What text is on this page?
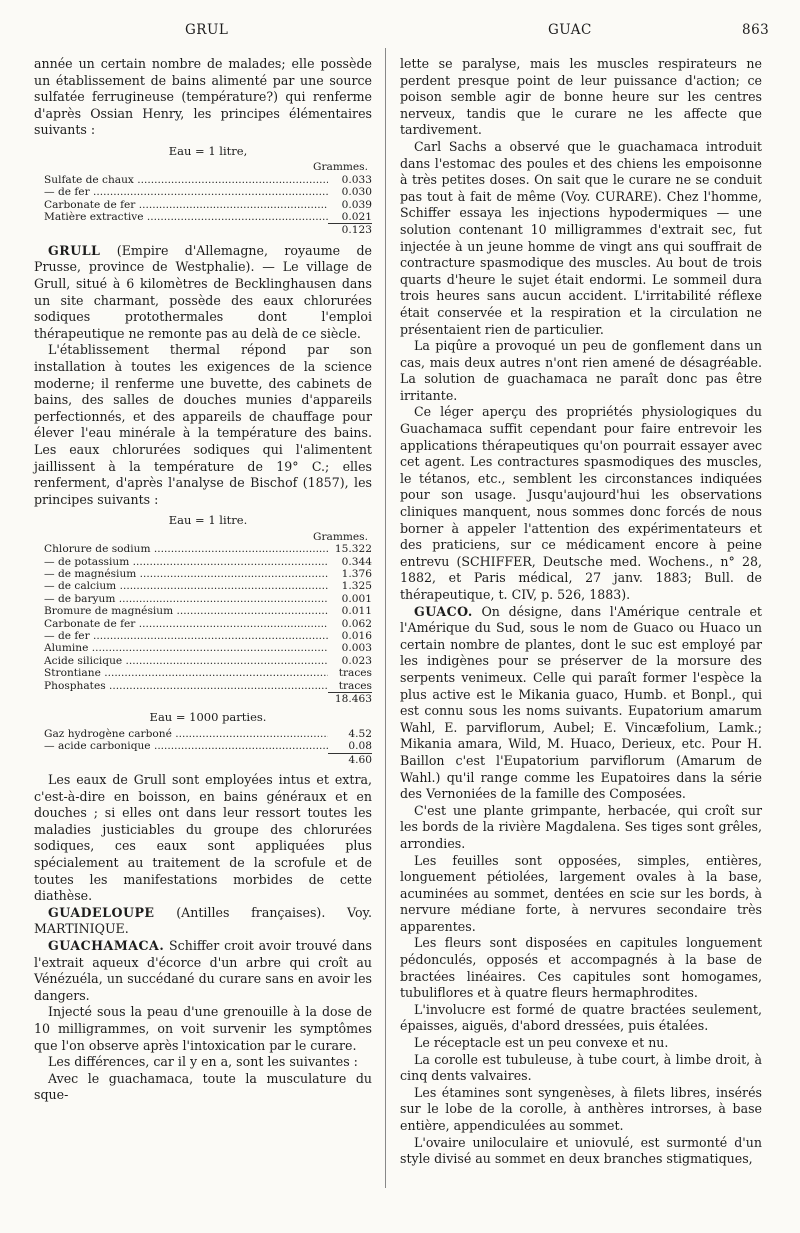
GRUL	GUAC	863

année un certain nombre de malades; elle possède un établissement de bains alimenté par une source sulfatée ferrugineuse (température?) qui renferme d'après Ossian Henry, les principes élémentaires suivants :

Eau = 1 litre,
Grammes.
Sulfate de chaux .....	0.033
— de fer .....	0.030
Carbonate de fer .....	0.039
Matière extractive .....	0.021
0.123

GRULL (Empire d'Allemagne, royaume de Prusse, province de Westphalie). — Le village de Grull, situé à 6 kilomètres de Becklinghausen dans un site charmant, possède des eaux chlorurées sodiques protothermales dont l'emploi thérapeutique ne remonte pas au delà de ce siècle.

L'établissement thermal répond par son installation à toutes les exigences de la science moderne; il renferme une buvette, des cabinets de bains, des salles de douches munies d'appareils perfectionnés, et des appareils de chauffage pour élever l'eau minérale à la température des bains. Les eaux chlorurées sodiques qui l'alimentent jaillissent à la température de 19° C.; elles renferment, d'après l'analyse de Bischof (1857), les principes suivants :

Eau = 1 litre.
Grammes.
Chlorure de sodium .....	15.322
— de potassium .....	0.344
— de magnésium .....	1.376
— de calcium .....	1.325
— de baryum .....	0.001
Bromure de magnésium .....	0.011
Carbonate de fer .....	0.062
— de fer .....	0.016
Alumine .....	0.003
Acide silicique .....	0.023
Strontiane .....	traces
Phosphates .....	traces
18.463
Eau = 1000 parties.
Gaz hydrogène carboné .....	4.52
— acide carbonique .....	0.08
4.60

Les eaux de Grull sont employées intus et extra, c'est-à-dire en boisson, en bains généraux et en douches ; si elles ont dans leur ressort toutes les maladies justiciables du groupe des chlorurées sodiques, ces eaux sont appliquées plus spécialement au traitement de la scrofule et de toutes les manifestations morbides de cette diathèse.

GUADELOUPE (Antilles françaises). Voy. MARTINIQUE.

GUACHAMACA. Schiffer croit avoir trouvé dans l'extrait aqueux d'écorce d'un arbre qui croît au Vénézuéla, un succédané du curare sans en avoir les dangers.

Injecté sous la peau d'une grenouille à la dose de 10 milligrammes, on voit survenir les symptômes que l'on observe après l'intoxication par le curare.

Les différences, car il y en a, sont les suivantes :

Avec le guachamaca, toute la musculature du sque-

lette se paralyse, mais les muscles respirateurs ne perdent presque point de leur puissance d'action; ce poison semble agir de bonne heure sur les centres nerveux, tandis que le curare ne les affecte que tardivement.

Carl Sachs a observé que le guachamaca introduit dans l'estomac des poules et des chiens les empoisonne à très petites doses. On sait que le curare ne se conduit pas tout à fait de même (Voy. CURARE). Chez l'homme, Schiffer essaya les injections hypodermiques — une solution contenant 10 milligrammes d'extrait sec, fut injectée à un jeune homme de vingt ans qui souffrait de contracture spasmodique des muscles. Au bout de trois quarts d'heure le sujet était endormi. Le sommeil dura trois heures sans aucun accident. L'irritabilité réflexe était conservée et la respiration et la circulation ne présentaient rien de particulier.

La piqûre a provoqué un peu de gonflement dans un cas, mais deux autres n'ont rien amené de désagréable. La solution de guachamaca ne paraît donc pas être irritante.

Ce léger aperçu des propriétés physiologiques du Guachamaca suffit cependant pour faire entrevoir les applications thérapeutiques qu'on pourrait essayer avec cet agent. Les contractures spasmodiques des muscles, le tétanos, etc., semblent les circonstances indiquées pour son usage. Jusqu'aujourd'hui les observations cliniques manquent, nous sommes donc forcés de nous borner à appeler l'attention des expérimentateurs et des praticiens, sur ce médicament encore à peine entrevu (SCHIFFER, Deutsche med. Wochens., n° 28, 1882, et Paris médical, 27 janv. 1883; Bull. de thérapeutique, t. CIV, p. 526, 1883).

GUACO. On désigne, dans l'Amérique centrale et l'Amérique du Sud, sous le nom de Guaco ou Huaco un certain nombre de plantes, dont le suc est employé par les indigènes pour se préserver de la morsure des serpents venimeux. Celle qui paraît former l'espèce la plus active est le Mikania guaco, Humb. et Bonpl., qui est connu sous les noms suivants. Eupatorium amarum Wahl, E. parviflorum, Aubel; E. Vincæfolium, Lamk.; Mikania amara, Wild, M. Huaco, Derieux, etc. Pour H. Baillon c'est l'Eupatorium parviflorum (Amarum de Wahl.) qu'il range comme les Eupatoires dans la série des Vernoniées de la famille des Composées.

C'est une plante grimpante, herbacée, qui croît sur les bords de la rivière Magdalena. Ses tiges sont grêles, arrondies.

Les feuilles sont opposées, simples, entières, longuement pétiolées, largement ovales à la base, acuminées au sommet, dentées en scie sur les bords, à nervure médiane forte, à nervures secondaire très apparentes.

Les fleurs sont disposées en capitules longuement pédonculés, opposés et accompagnés à la base de bractées linéaires. Ces capitules sont homogames, tubuliflores et à quatre fleurs hermaphrodites.

L'involucre est formé de quatre bractées seulement, épaisses, aiguës, d'abord dressées, puis étalées.

Le réceptacle est un peu convexe et nu.

La corolle est tubuleuse, à tube court, à limbe droit, à cinq dents valvaires.

Les étamines sont syngenèses, à filets libres, insérés sur le lobe de la corolle, à anthères introrses, à base entière, appendiculées au sommet.

L'ovaire uniloculaire et uniovulé, est surmonté d'un style divisé au sommet en deux branches stigmatiques,
